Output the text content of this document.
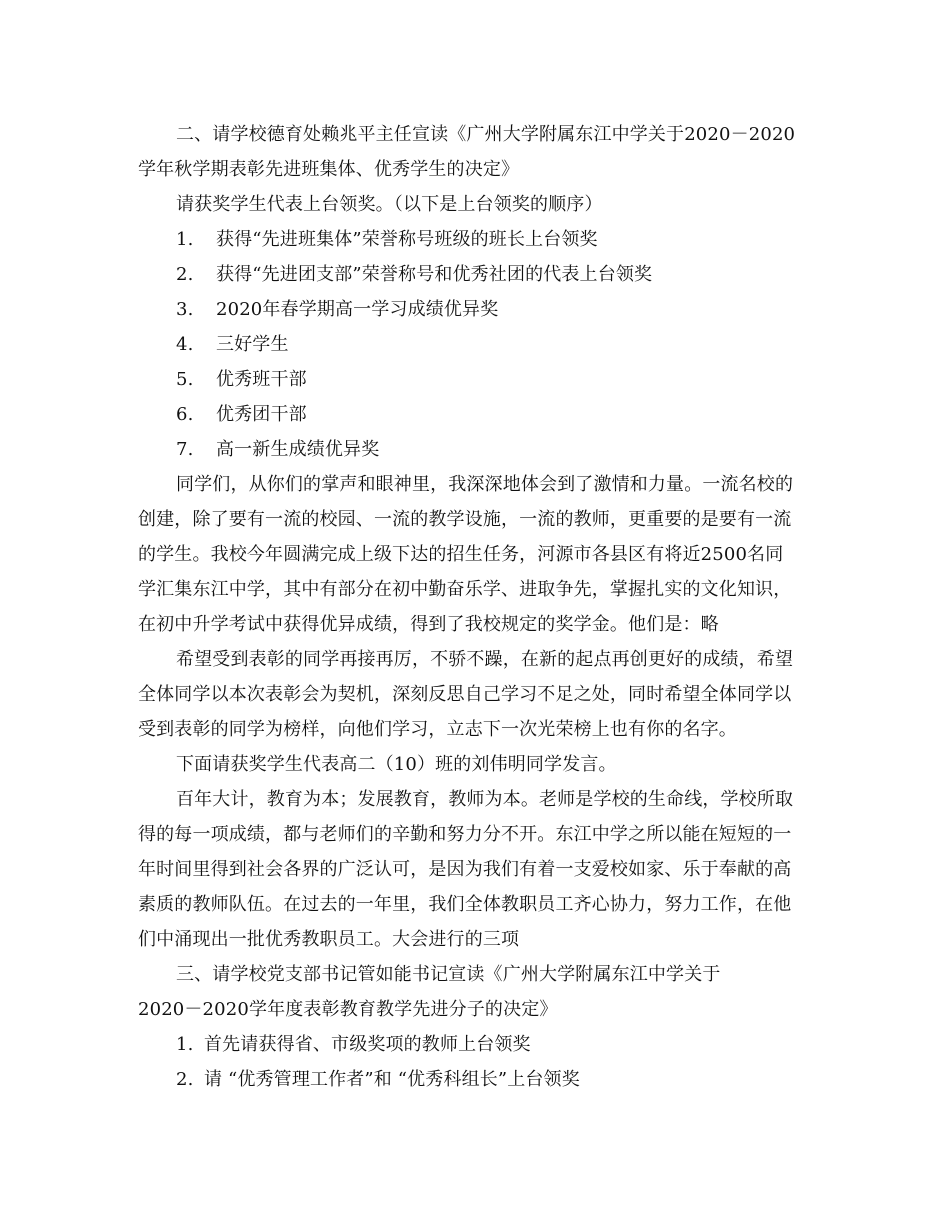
二、请学校德育处赖兆平主任宣读《广州大学附属东江中学关于2020－2020
学年秋学期表彰先进班集体、优秀学生的决定》
请获奖学生代表上台领奖。（以下是上台领奖的顺序）
1. 获得“先进班集体”荣誉称号班级的班长上台领奖
2. 获得“先进团支部”荣誉称号和优秀社团的代表上台领奖
3. 2020年春学期高一学习成绩优异奖
4. 三好学生
5. 优秀班干部
6. 优秀团干部
7. 高一新生成绩优异奖
同学们，从你们的掌声和眼神里，我深深地体会到了激情和力量。一流名校的
创建，除了要有一流的校园、一流的教学设施，一流的教师，更重要的是要有一流
的学生。我校今年圆满完成上级下达的招生任务，河源市各县区有将近2500名同
学汇集东江中学，其中有部分在初中勤奋乐学、进取争先，掌握扎实的文化知识，
在初中升学考试中获得优异成绩，得到了我校规定的奖学金。他们是：略
希望受到表彰的同学再接再厉，不骄不躁，在新的起点再创更好的成绩，希望
全体同学以本次表彰会为契机，深刻反思自己学习不足之处，同时希望全体同学以
受到表彰的同学为榜样，向他们学习，立志下一次光荣榜上也有你的名字。
下面请获奖学生代表高二（10）班的刘伟明同学发言。
百年大计，教育为本；发展教育，教师为本。老师是学校的生命线，学校所取
得的每一项成绩，都与老师们的辛勤和努力分不开。东江中学之所以能在短短的一
年时间里得到社会各界的广泛认可，是因为我们有着一支爱校如家、乐于奉献的高
素质的教师队伍。在过去的一年里，我们全体教职员工齐心协力，努力工作，在他
们中涌现出一批优秀教职员工。大会进行的三项
三、请学校党支部书记管如能书记宣读《广州大学附属东江中学关于
2020－2020学年度表彰教育教学先进分子的决定》
1. 首先请获得省、市级奖项的教师上台领奖
2. 请 “优秀管理工作者”和 “优秀科组长”上台领奖
